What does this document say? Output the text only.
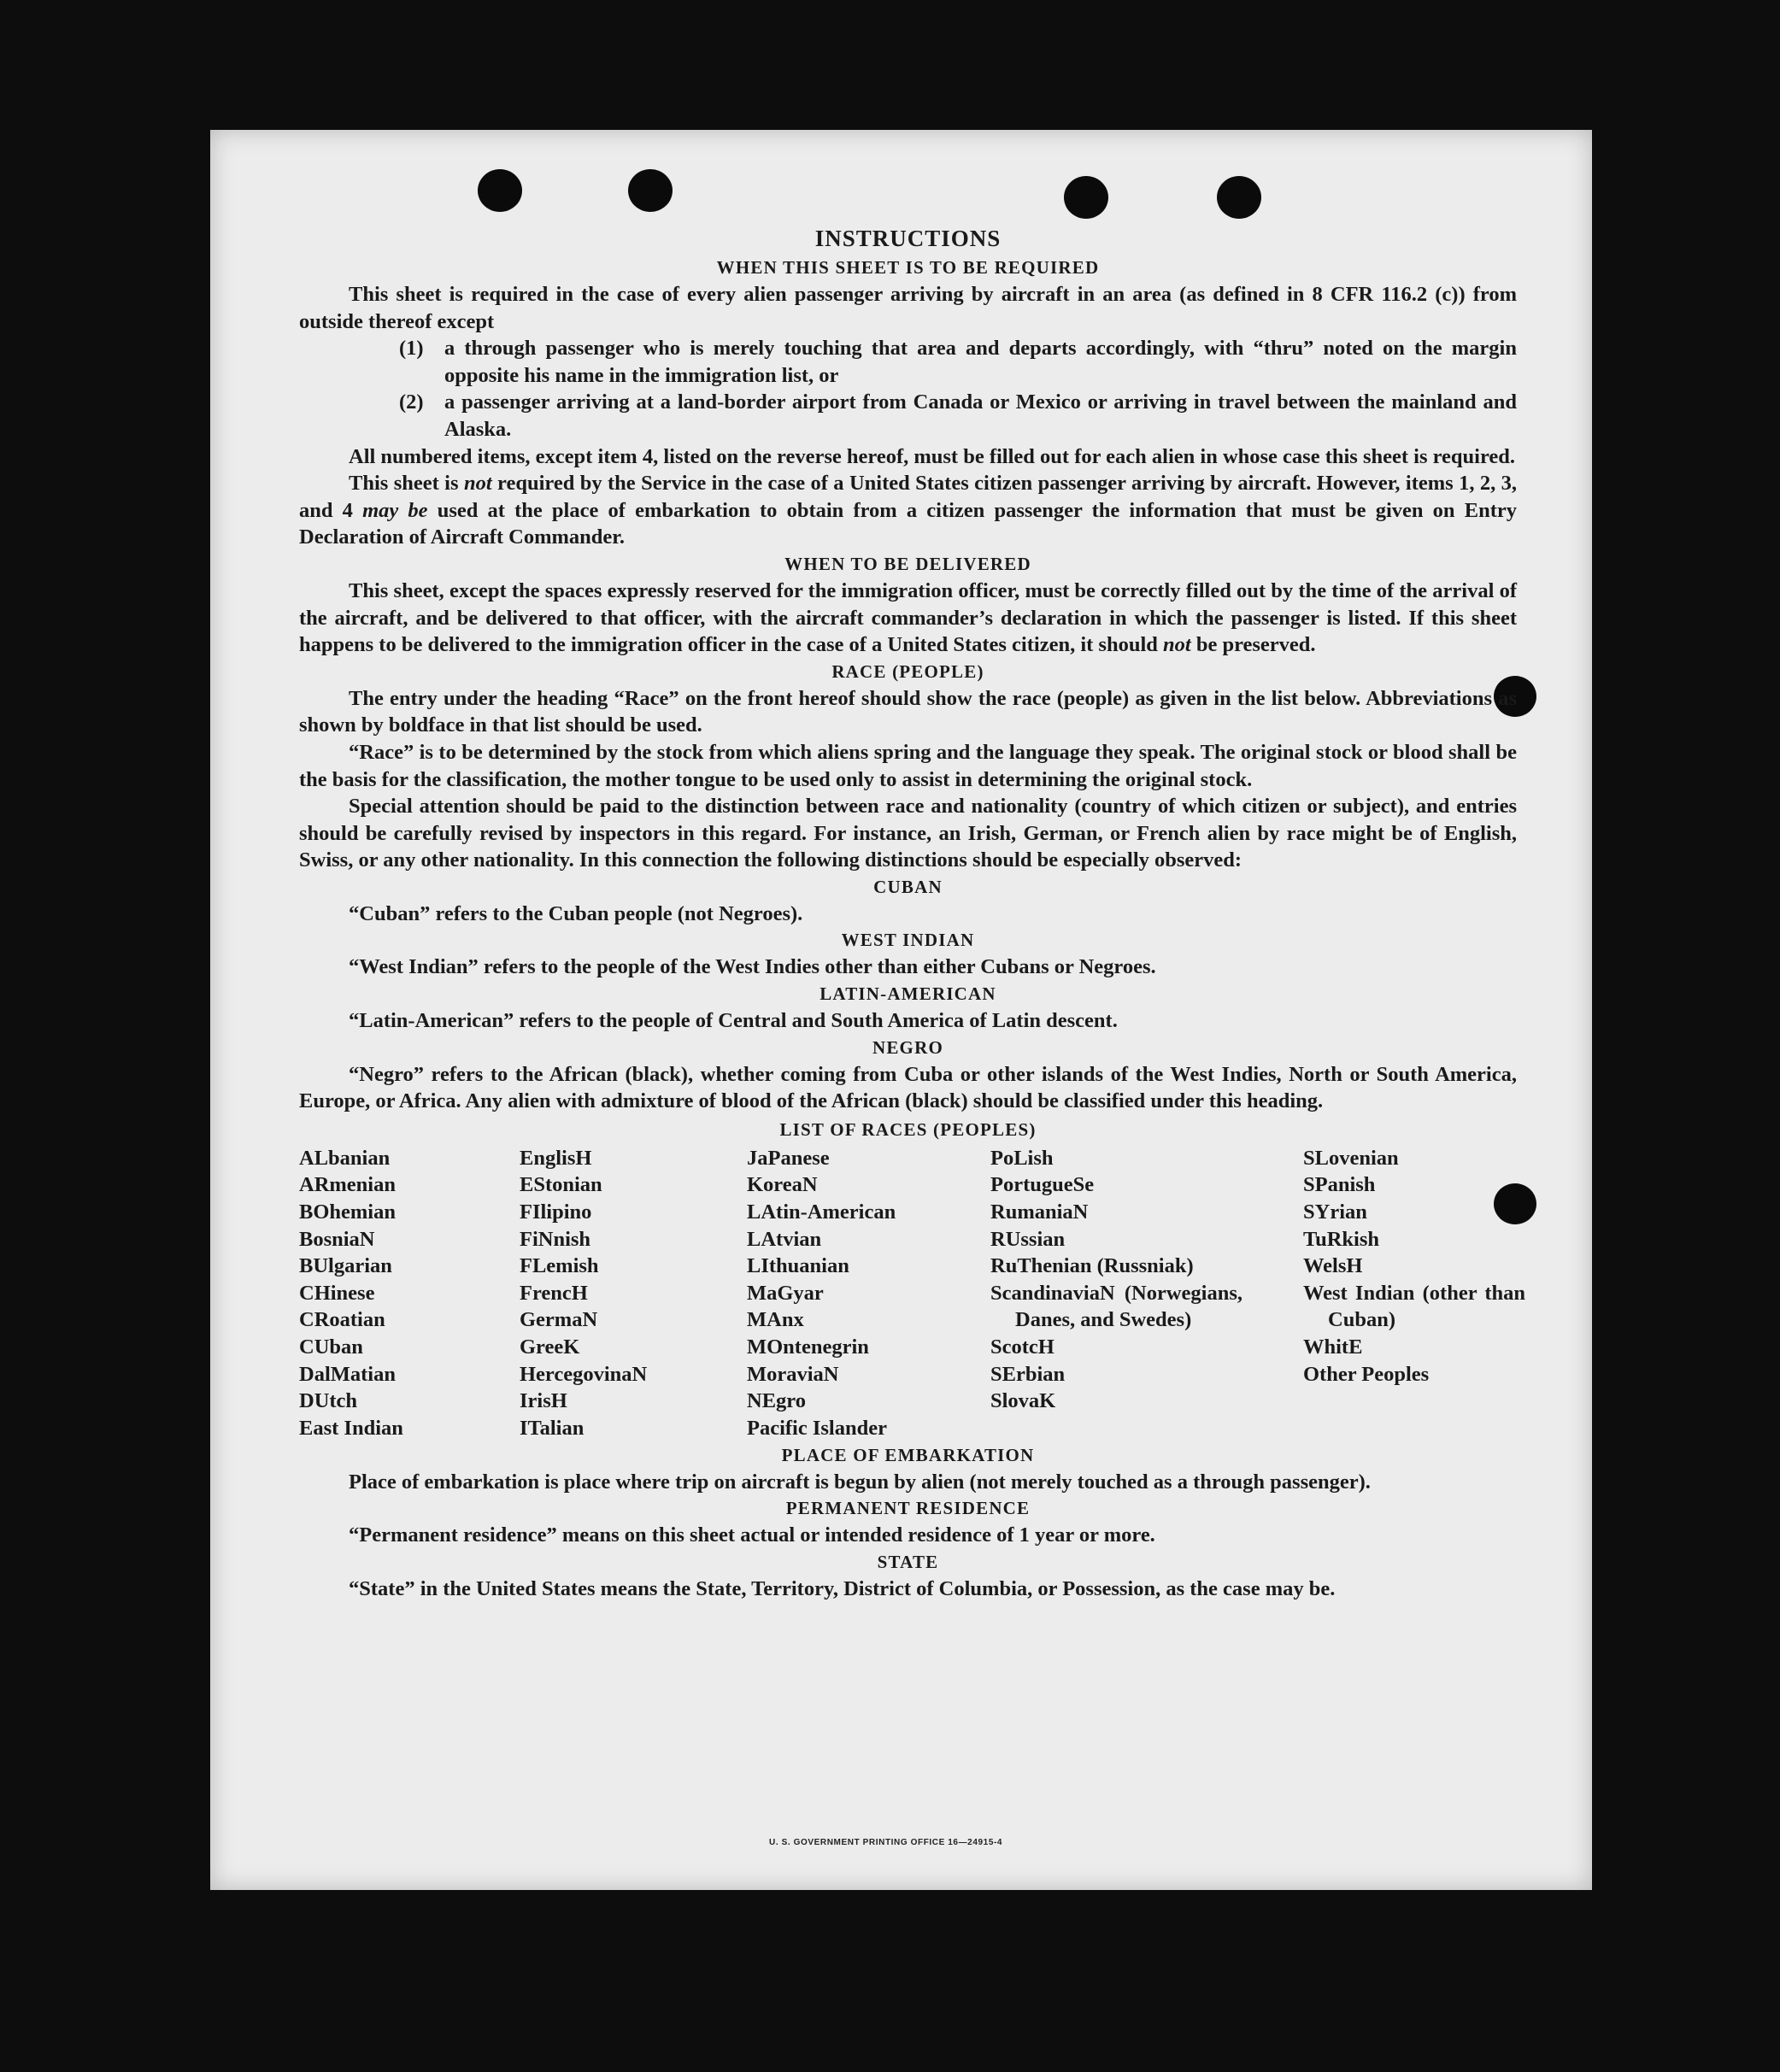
INSTRUCTIONS

WHEN THIS SHEET IS TO BE REQUIRED

This sheet is required in the case of every alien passenger arriving by aircraft in an area (as defined in 8 CFR 116.2 (c)) from outside thereof except

(1) a through passenger who is merely touching that area and departs accordingly, with “thru” noted on the margin opposite his name in the immigration list, or

(2) a passenger arriving at a land-border airport from Canada or Mexico or arriving in travel between the mainland and Alaska.

All numbered items, except item 4, listed on the reverse hereof, must be filled out for each alien in whose case this sheet is required.

This sheet is not required by the Service in the case of a United States citizen passenger arriving by aircraft. However, items 1, 2, 3, and 4 may be used at the place of embarkation to obtain from a citizen passenger the information that must be given on Entry Declaration of Aircraft Commander.

WHEN TO BE DELIVERED

This sheet, except the spaces expressly reserved for the immigration officer, must be correctly filled out by the time of the arrival of the aircraft, and be delivered to that officer, with the aircraft commander’s declaration in which the passenger is listed. If this sheet happens to be delivered to the immigration officer in the case of a United States citizen, it should not be preserved.

RACE (PEOPLE)

The entry under the heading “Race” on the front hereof should show the race (people) as given in the list below. Abbreviations as shown by boldface in that list should be used.

“Race” is to be determined by the stock from which aliens spring and the language they speak. The original stock or blood shall be the basis for the classification, the mother tongue to be used only to assist in determining the original stock.

Special attention should be paid to the distinction between race and nationality (country of which citizen or subject), and entries should be carefully revised by inspectors in this regard. For instance, an Irish, German, or French alien by race might be of English, Swiss, or any other nationality. In this connection the following distinctions should be especially observed:

CUBAN

“Cuban” refers to the Cuban people (not Negroes).

WEST INDIAN

“West Indian” refers to the people of the West Indies other than either Cubans or Negroes.

LATIN-AMERICAN

“Latin-American” refers to the people of Central and South America of Latin descent.

NEGRO

“Negro” refers to the African (black), whether coming from Cuba or other islands of the West Indies, North or South America, Europe, or Africa. Any alien with admixture of blood of the African (black) should be classified under this heading.

LIST OF RACES (PEOPLES)

ALbanian
ARmenian
BOhemian
BosniaN
BUlgarian
CHinese
CRoatian
CUban
DalMatian
DUtch
East Indian
EnglisH
EStonian
FIlipino
FiNnish
FLemish
FrencH
GermaN
GreeK
HercegovinaN
IrisH
ITalian
JaPanese
KoreaN
LAtin-American
LAtvian
LIthuanian
MaGyar
MAnx
MOntenegrin
MoraviaN
NEgro
Pacific Islander
PoLish
PortugueSe
RumaniaN
RUssian
RuThenian (Russniak)
ScandinaviaN (Norwegians, Danes, and Swedes)
ScotcH
SErbian
SlovaK
SLovenian
SPanish
SYrian
TuRkish
WelsH
West Indian (other than Cuban)
WhitE
Other Peoples

PLACE OF EMBARKATION

Place of embarkation is place where trip on aircraft is begun by alien (not merely touched as a through passenger).

PERMANENT RESIDENCE

“Permanent residence” means on this sheet actual or intended residence of 1 year or more.

STATE

“State” in the United States means the State, Territory, District of Columbia, or Possession, as the case may be.

U. S. GOVERNMENT PRINTING OFFICE 16—24915-4
